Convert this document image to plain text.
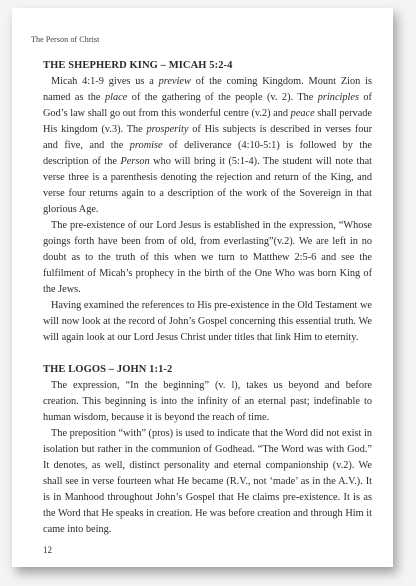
The Person of Christ
THE SHEPHERD KING – MICAH 5:2-4

Micah 4:1-9 gives us a preview of the coming Kingdom. Mount Zion is named as the place of the gathering of the people (v. 2). The principles of God’s law shall go out from this wonderful centre (v.2) and peace shall pervade His kingdom (v.3). The prosperity of His subjects is described in verses four and five, and the promise of deliverance (4:10-5:1) is followed by the description of the Person who will bring it (5:1-4). The student will note that verse three is a parenthesis denoting the rejection and return of the King, and verse four returns again to a description of the work of the Sovereign in that glorious Age.

The pre-existence of our Lord Jesus is established in the expression, “Whose goings forth have been from of old, from everlasting”(v.2). We are left in no doubt as to the truth of this when we turn to Matthew 2:5-6 and see the fulfilment of Micah’s prophecy in the birth of the One Who was born King of the Jews.

Having examined the references to His pre-existence in the Old Testament we will now look at the record of John’s Gospel concerning this essential truth. We will again look at our Lord Jesus Christ under titles that link Him to eternity.

THE LOGOS – JOHN 1:1-2

The expression, “In the beginning” (v. l), takes us beyond and before creation. This beginning is into the infinity of an eternal past; indefinable to human wisdom, because it is beyond the reach of time.

The preposition “with” (pros) is used to indicate that the Word did not exist in isolation but rather in the communion of Godhead. “The Word was with God.” It denotes, as well, distinct personality and eternal companionship (v.2). We shall see in verse fourteen what He became (R.V., not ‘made’ as in the A.V.). It is in Manhood throughout John’s Gospel that He claims pre-existence. It is as the Word that He speaks in creation. He was before creation and through Him it came into being.

12
